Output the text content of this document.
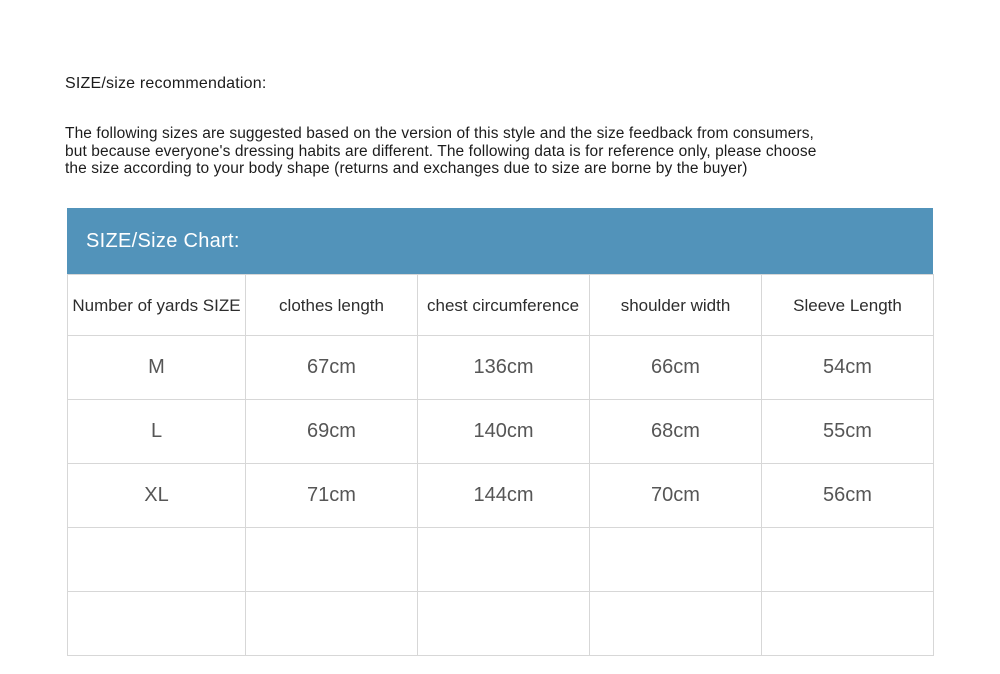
SIZE/size recommendation:
The following sizes are suggested based on the version of this style and the size feedback from consumers,
but because everyone's dressing habits are different. The following data is for reference only, please choose
the size according to your body shape (returns and exchanges due to size are borne by the buyer)
SIZE/Size Chart:
Number of yards SIZE	clothes length	chest circumference	shoulder width	Sleeve Length
M	67cm	136cm	66cm	54cm
L	69cm	140cm	68cm	55cm
XL	71cm	144cm	70cm	56cm
